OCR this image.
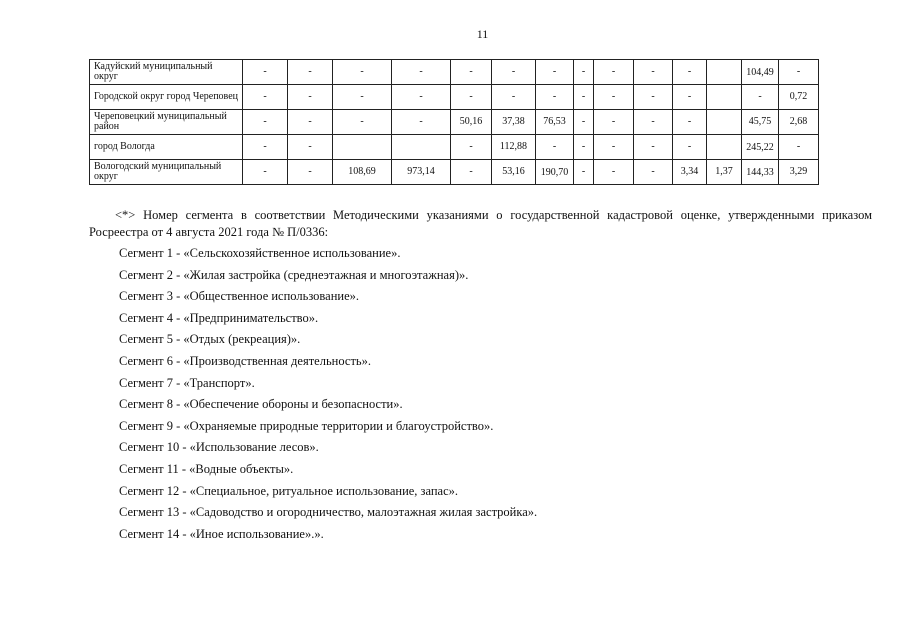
11
Кадуйский муниципальный округ	-	-	-	-	-	-	-	-	-	-	-		104,49	-
Городской округ город Череповец	-	-	-	-	-	-	-	-	-	-	-		-	0,72
Череповецкий муниципальный район	-	-	-	-	50,16	37,38	76,53	-	-	-	-		45,75	2,68
город Вологда	-	-			-	112,88	-	-	-	-	-		245,22	-
Вологодский муниципальный округ	-	-	108,69	973,14	-	53,16	190,70	-	-	-	3,34	1,37	144,33	3,29
<*> Номер сегмента в соответствии Методическими указаниями о государственной кадастровой оценке, утвержденными приказом Росреестра от 4 августа 2021 года № П/0336:
Сегмент 1 - «Сельскохозяйственное использование».
Сегмент 2 - «Жилая застройка (среднеэтажная и многоэтажная)».
Сегмент 3 - «Общественное использование».
Сегмент 4 - «Предпринимательство».
Сегмент 5 - «Отдых (рекреация)».
Сегмент 6 - «Производственная деятельность».
Сегмент 7 - «Транспорт».
Сегмент 8 - «Обеспечение обороны и безопасности».
Сегмент 9 - «Охраняемые природные территории и благоустройство».
Сегмент 10 - «Использование лесов».
Сегмент 11 - «Водные объекты».
Сегмент 12 - «Специальное, ритуальное использование, запас».
Сегмент 13 - «Садоводство и огородничество, малоэтажная жилая застройка».
Сегмент 14 - «Иное использование».».
